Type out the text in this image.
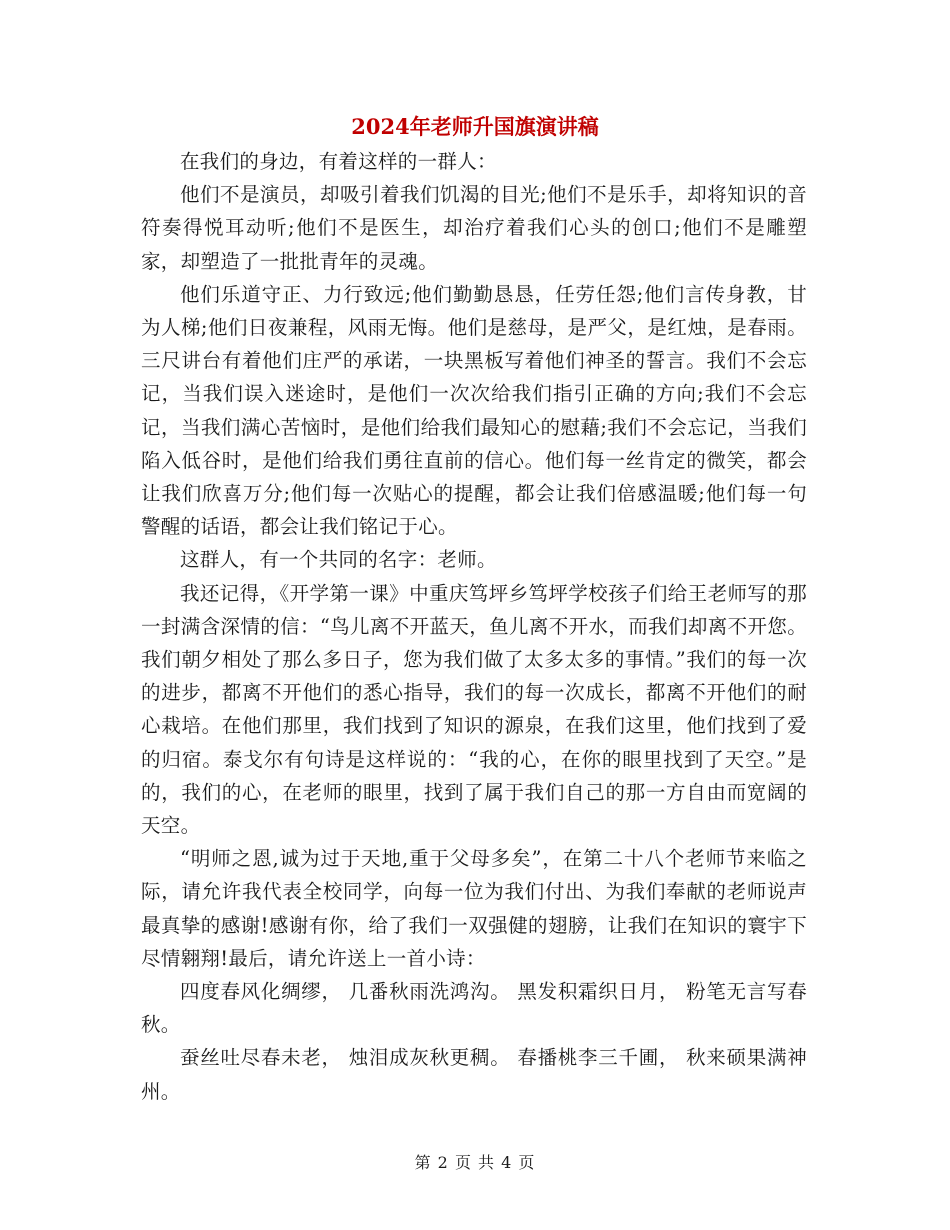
2024年老师升国旗演讲稿

在我们的身边，有着这样的一群人：

他们不是演员，却吸引着我们饥渴的目光;他们不是乐手，却将知识的音符奏得悦耳动听;他们不是医生，却治疗着我们心头的创口;他们不是雕塑家，却塑造了一批批青年的灵魂。

他们乐道守正、力行致远;他们勤勤恳恳，任劳任怨;他们言传身教，甘为人梯;他们日夜兼程，风雨无悔。他们是慈母，是严父，是红烛，是春雨。三尺讲台有着他们庄严的承诺，一块黑板写着他们神圣的誓言。我们不会忘记，当我们误入迷途时，是他们一次次给我们指引正确的方向;我们不会忘记，当我们满心苦恼时，是他们给我们最知心的慰藉;我们不会忘记，当我们陷入低谷时，是他们给我们勇往直前的信心。他们每一丝肯定的微笑，都会让我们欣喜万分;他们每一次贴心的提醒，都会让我们倍感温暖;他们每一句警醒的话语，都会让我们铭记于心。

这群人，有一个共同的名字：老师。

我还记得，《开学第一课》中重庆笃坪乡笃坪学校孩子们给王老师写的那一封满含深情的信：“鸟儿离不开蓝天，鱼儿离不开水，而我们却离不开您。我们朝夕相处了那么多日子，您为我们做了太多太多的事情。”我们的每一次的进步，都离不开他们的悉心指导，我们的每一次成长，都离不开他们的耐心栽培。在他们那里，我们找到了知识的源泉，在我们这里，他们找到了爱的归宿。泰戈尔有句诗是这样说的：“我的心，在你的眼里找到了天空。”是的，我们的心，在老师的眼里，找到了属于我们自己的那一方自由而宽阔的天空。

“明师之恩,诚为过于天地,重于父母多矣”，在第二十八个老师节来临之际，请允许我代表全校同学，向每一位为我们付出、为我们奉献的老师说声最真挚的感谢!感谢有你，给了我们一双强健的翅膀，让我们在知识的寰宇下尽情翱翔!最后，请允许送上一首小诗：

四度春风化绸缪， 几番秋雨洗鸿沟。 黑发积霜织日月， 粉笔无言写春秋。

蚕丝吐尽春未老， 烛泪成灰秋更稠。 春播桃李三千圃， 秋来硕果满神州。

第 2 页 共 4 页
